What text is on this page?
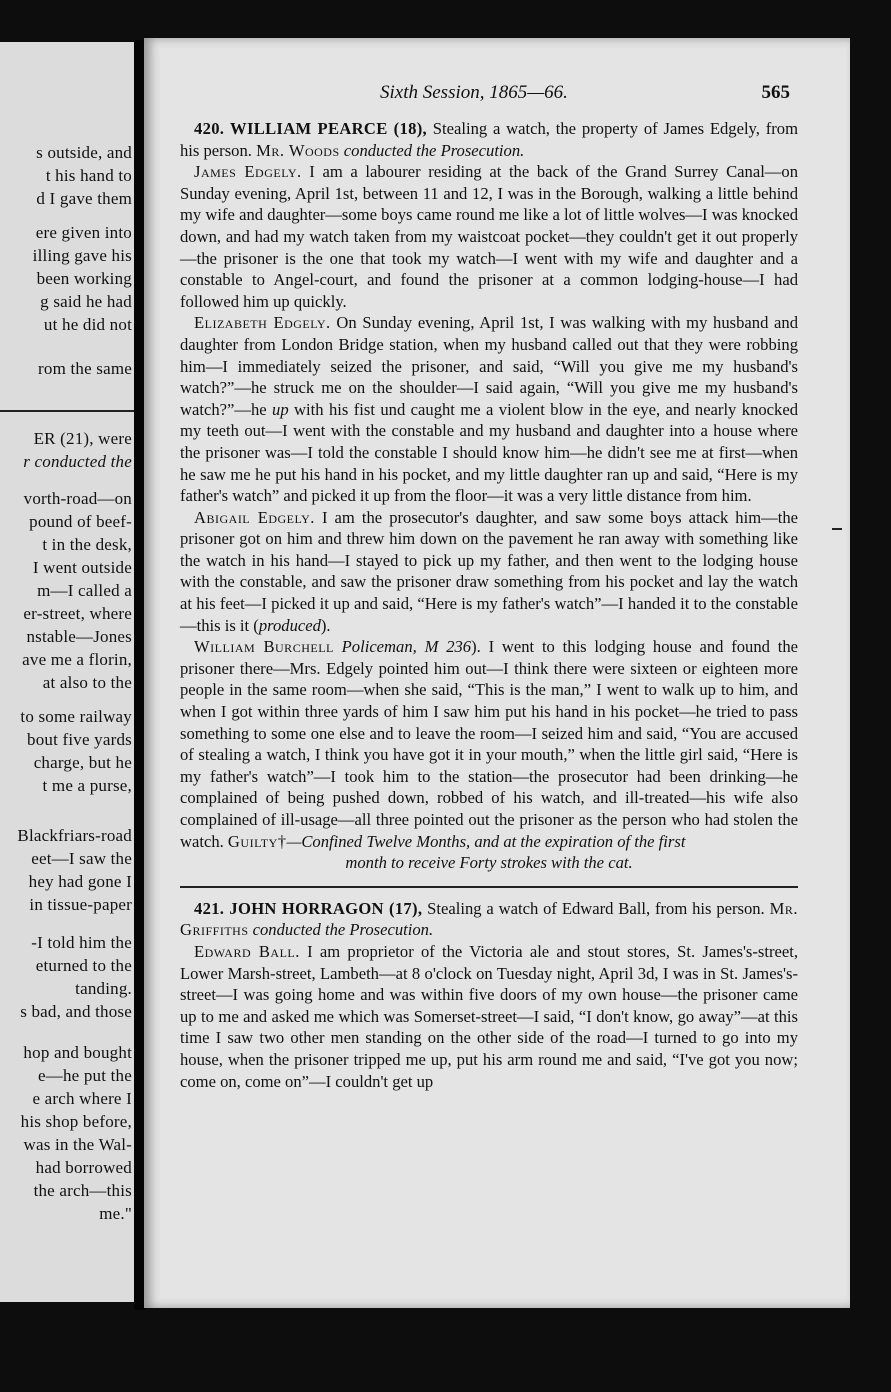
s outside, and
t his hand to
d I gave them
ere given into
illing gave his
been working
g said he had
ut he did not
rom the same
ER (21), were
r conducted the
vorth-road—on
pound of beef-
t in the desk,
I went outside
m—I called a
er-street, where
nstable—Jones
ave me a florin,
at also to the
to some railway
bout five yards
charge, but he
t me a purse,
Blackfriars-road
eet—I saw the
hey had gone I
in tissue-paper
-I told him the
eturned to the
tanding.
s bad, and those
hop and bought
e—he put the
e arch where I
his shop before,
was in the Wal-
had borrowed
the arch—this
me."
Sixth Session, 1865—66.	565

420. WILLIAM PEARCE (18), Stealing a watch, the property of James Edgely, from his person. Mr. Woods conducted the Prosecution.

James Edgely. I am a labourer residing at the back of the Grand Surrey Canal—on Sunday evening, April 1st, between 11 and 12, I was in the Borough, walking a little behind my wife and daughter—some boys came round me like a lot of little wolves—I was knocked down, and had my watch taken from my waistcoat pocket—they couldn't get it out properly—the prisoner is the one that took my watch—I went with my wife and daughter and a constable to Angel-court, and found the prisoner at a common lodging-house—I had followed him up quickly.

Elizabeth Edgely. On Sunday evening, April 1st, I was walking with my husband and daughter from London Bridge station, when my husband called out that they were robbing him—I immediately seized the prisoner, and said, “Will you give me my husband's watch?”—he struck me on the shoulder—I said again, “Will you give me my husband's watch?”—he up with his fist und caught me a violent blow in the eye, and nearly knocked my teeth out—I went with the constable and my husband and daughter into a house where the prisoner was—I told the constable I should know him—he didn't see me at first—when he saw me he put his hand in his pocket, and my little daughter ran up and said, “Here is my father's watch” and picked it up from the floor—it was a very little distance from him.

Abigail Edgely. I am the prosecutor's daughter, and saw some boys attack him—the prisoner got on him and threw him down on the pavement he ran away with something like the watch in his hand—I stayed to pick up my father, and then went to the lodging house with the constable, and saw the prisoner draw something from his pocket and lay the watch at his feet—I picked it up and said, “Here is my father's watch”—I handed it to the constable—this is it (produced).

William Burchell Policeman, M 236). I went to this lodging house and found the prisoner there—Mrs. Edgely pointed him out—I think there were sixteen or eighteen more people in the same room—when she said, “This is the man,” I went to walk up to him, and when I got within three yards of him I saw him put his hand in his pocket—he tried to pass something to some one else and to leave the room—I seized him and said, “You are accused of stealing a watch, I think you have got it in your mouth,” when the little girl said, “Here is my father's watch”—I took him to the station—the prosecutor had been drinking—he complained of being pushed down, robbed of his watch, and ill-treated—his wife also complained of ill-usage—all three pointed out the prisoner as the person who had stolen the watch. Guilty†—Confined Twelve Months, and at the expiration of the first
month to receive Forty strokes with the cat.

421. JOHN HORRAGON (17), Stealing a watch of Edward Ball, from his person. Mr. Griffiths conducted the Prosecution.

Edward Ball. I am proprietor of the Victoria ale and stout stores, St. James's-street, Lower Marsh-street, Lambeth—at 8 o'clock on Tuesday night, April 3d, I was in St. James's-street—I was going home and was within five doors of my own house—the prisoner came up to me and asked me which was Somerset-street—I said, “I don't know, go away”—at this time I saw two other men standing on the other side of the road—I turned to go into my house, when the prisoner tripped me up, put his arm round me and said, “I've got you now; come on, come on”—I couldn't get up
